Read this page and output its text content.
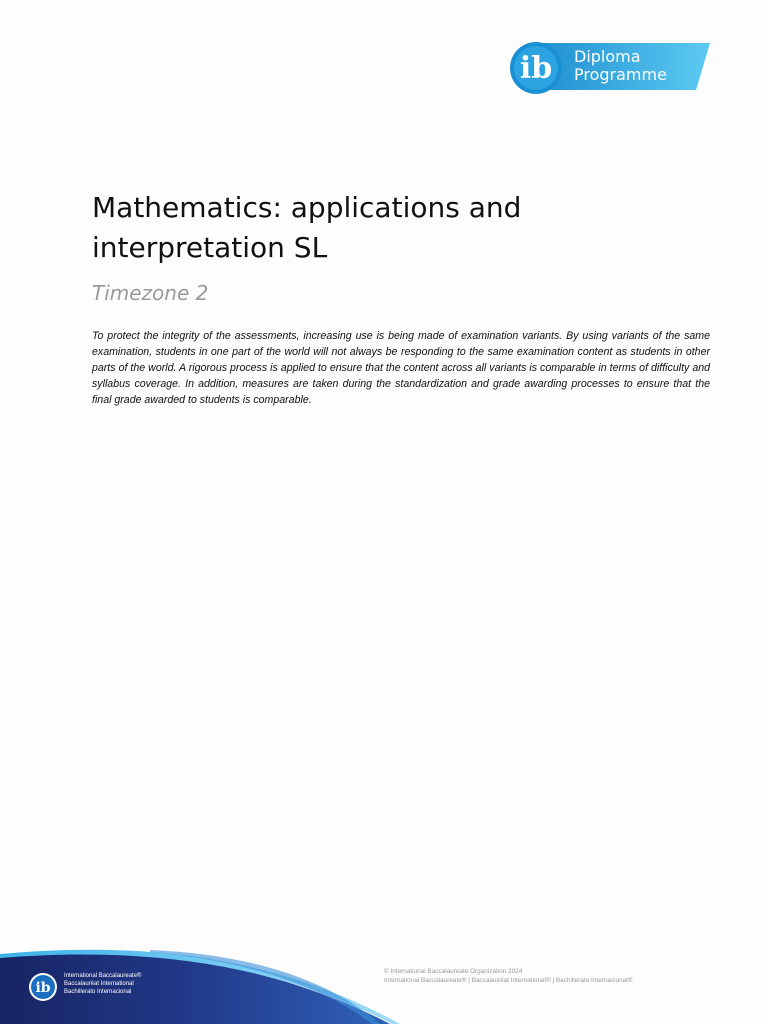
ib Diploma
Programme
Mathematics: applications and
interpretation SL
Timezone 2

To protect the integrity of the assessments, increasing use is being made of examination variants. By using variants of the same examination, students in one part of the world will not always be responding to the same examination content as students in other parts of the world. A rigorous process is applied to ensure that the content across all variants is comparable in terms of difficulty and syllabus coverage. In addition, measures are taken during the standardization and grade awarding processes to ensure that the final grade awarded to students is comparable.

ib
International Baccalaureate®
Baccalauréat International
Bachillerato Internacional
© International Baccalaureate Organization 2024
International Baccalaureate® | Baccalauréat International® | Bachillerato Internacional®
